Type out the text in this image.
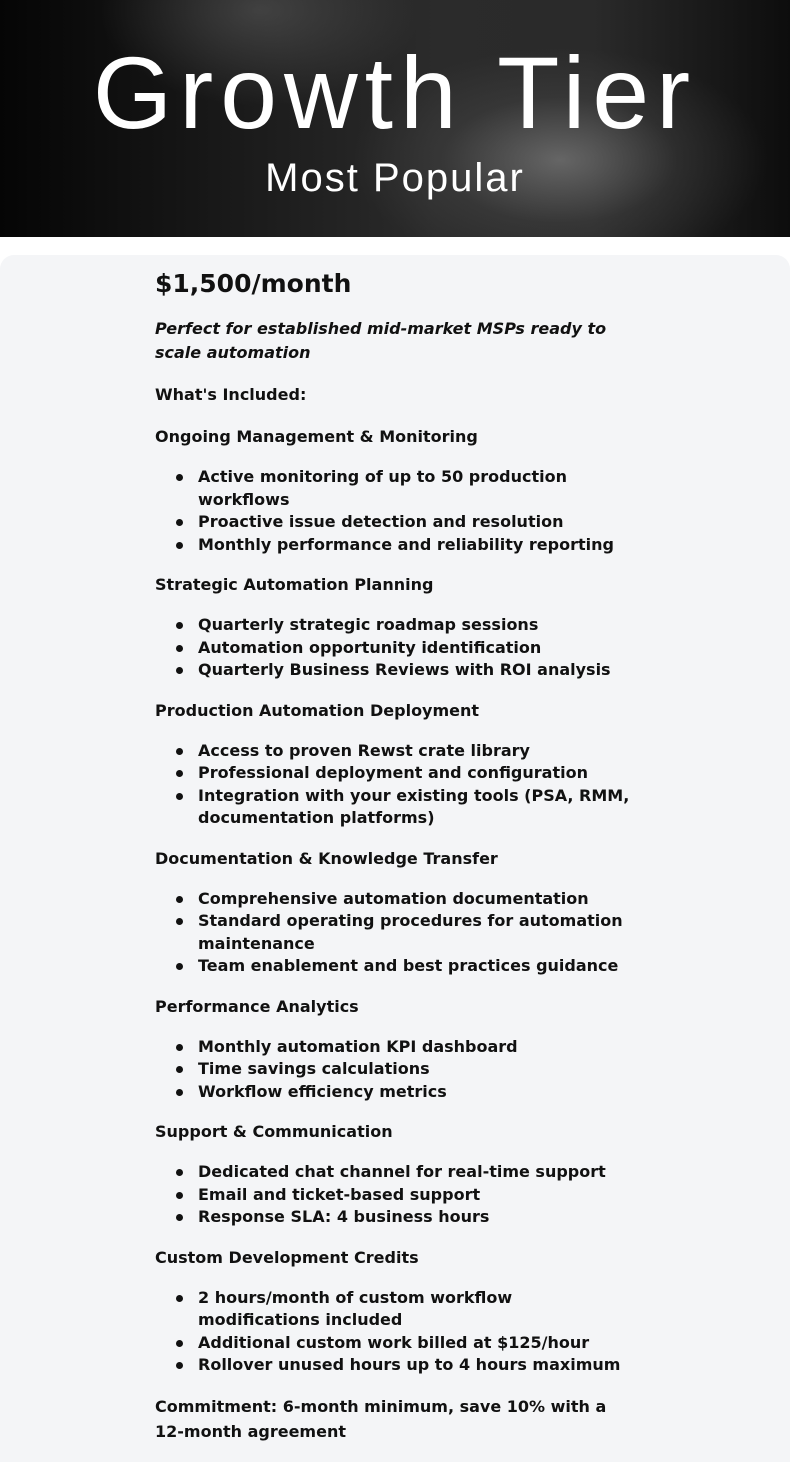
Growth Tier
Most Popular
$1,500/month
Perfect for established mid-market MSPs ready to scale automation
What's Included:
Ongoing Management & Monitoring
Active monitoring of up to 50 production workflows
Proactive issue detection and resolution
Monthly performance and reliability reporting
Strategic Automation Planning
Quarterly strategic roadmap sessions
Automation opportunity identification
Quarterly Business Reviews with ROI analysis
Production Automation Deployment
Access to proven Rewst crate library
Professional deployment and configuration
Integration with your existing tools (PSA, RMM, documentation platforms)
Documentation & Knowledge Transfer
Comprehensive automation documentation
Standard operating procedures for automation maintenance
Team enablement and best practices guidance
Performance Analytics
Monthly automation KPI dashboard
Time savings calculations
Workflow efficiency metrics
Support & Communication
Dedicated chat channel for real-time support
Email and ticket-based support
Response SLA: 4 business hours
Custom Development Credits
2 hours/month of custom workflow modifications included
Additional custom work billed at $125/hour
Rollover unused hours up to 4 hours maximum
Commitment: 6-month minimum, save 10% with a 12-month agreement
